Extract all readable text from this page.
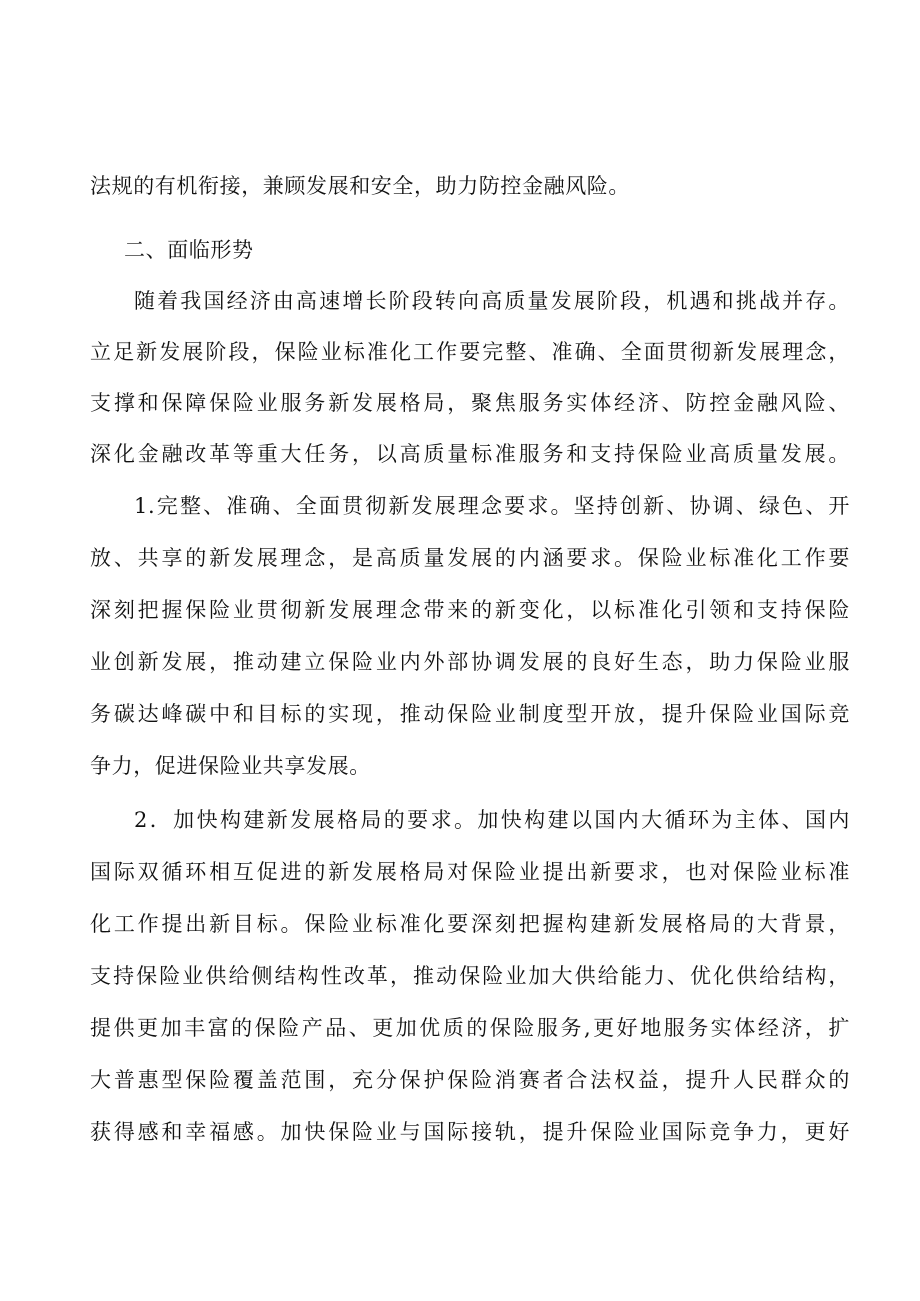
法规的有机衔接，兼顾发展和安全，助力防控金融风险。
二、面临形势
随着我国经济由高速增长阶段转向高质量发展阶段，机遇和挑战并存。
立足新发展阶段，保险业标准化工作要完整、准确、全面贯彻新发展理念，
支撑和保障保险业服务新发展格局，聚焦服务实体经济、防控金融风险、
深化金融改革等重大任务，以高质量标准服务和支持保险业高质量发展。
1.完整、准确、全面贯彻新发展理念要求。坚持创新、协调、绿色、开
放、共享的新发展理念，是高质量发展的内涵要求。保险业标准化工作要
深刻把握保险业贯彻新发展理念带来的新变化，以标准化引领和支持保险
业创新发展，推动建立保险业内外部协调发展的良好生态，助力保险业服
务碳达峰碳中和目标的实现，推动保险业制度型开放，提升保险业国际竞
争力，促进保险业共享发展。
2．加快构建新发展格局的要求。加快构建以国内大循环为主体、国内
国际双循环相互促进的新发展格局对保险业提出新要求，也对保险业标准
化工作提出新目标。保险业标准化要深刻把握构建新发展格局的大背景，
支持保险业供给侧结构性改革，推动保险业加大供给能力、优化供给结构，
提供更加丰富的保险产品、更加优质的保险服务,更好地服务实体经济，扩
大普惠型保险覆盖范围，充分保护保险消赛者合法权益，提升人民群众的
获得感和幸福感。加快保险业与国际接轨，提升保险业国际竞争力，更好
